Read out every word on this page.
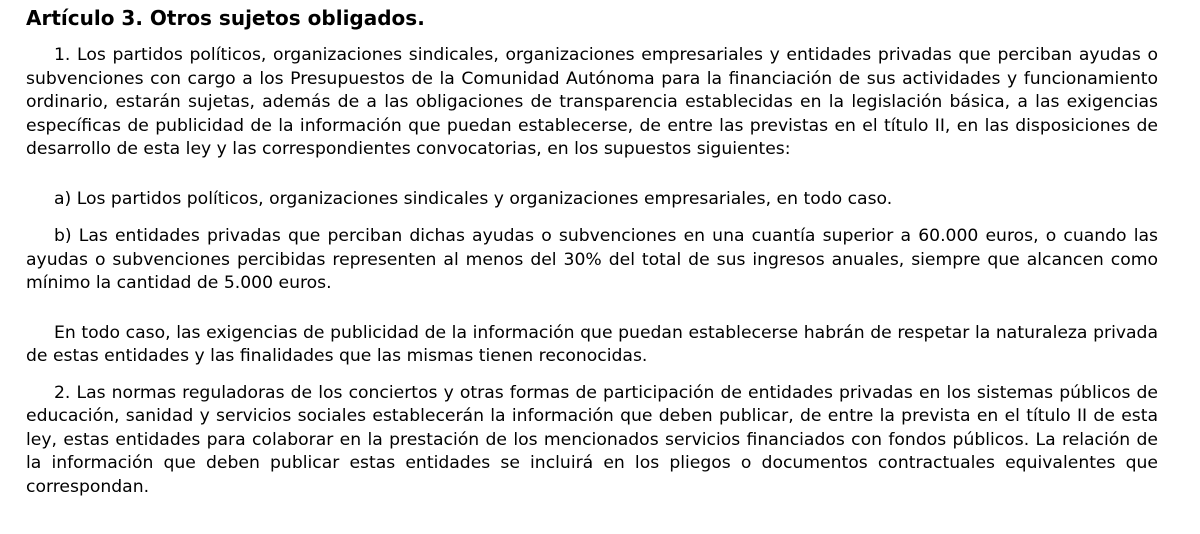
Artículo 3. Otros sujetos obligados.

1. Los partidos políticos, organizaciones sindicales, organizaciones empresariales y entidades privadas que perciban ayudas o subvenciones con cargo a los Presupuestos de la Comunidad Autónoma para la financiación de sus actividades y funcionamiento ordinario, estarán sujetas, además de a las obligaciones de transparencia establecidas en la legislación básica, a las exigencias específicas de publicidad de la información que puedan establecerse, de entre las previstas en el título II, en las disposiciones de desarrollo de esta ley y las correspondientes convocatorias, en los supuestos siguientes:

a) Los partidos políticos, organizaciones sindicales y organizaciones empresariales, en todo caso.

b) Las entidades privadas que perciban dichas ayudas o subvenciones en una cuantía superior a 60.000 euros, o cuando las ayudas o subvenciones percibidas representen al menos del 30% del total de sus ingresos anuales, siempre que alcancen como mínimo la cantidad de 5.000 euros.

En todo caso, las exigencias de publicidad de la información que puedan establecerse habrán de respetar la naturaleza privada de estas entidades y las finalidades que las mismas tienen reconocidas.

2. Las normas reguladoras de los conciertos y otras formas de participación de entidades privadas en los sistemas públicos de educación, sanidad y servicios sociales establecerán la información que deben publicar, de entre la prevista en el título II de esta ley, estas entidades para colaborar en la prestación de los mencionados servicios financiados con fondos públicos. La relación de la información que deben publicar estas entidades se incluirá en los pliegos o documentos contractuales equivalentes que correspondan.
